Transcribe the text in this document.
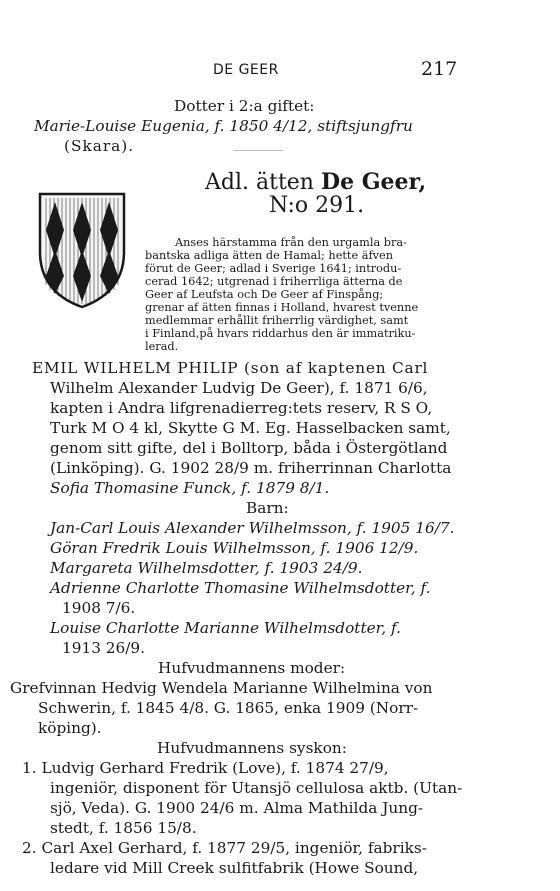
DE GEER	217
Dotter i 2:a giftet:
Marie-Louise Eugenia, f. 1850 4/12, stiftsjungfru
(Skara).
Adl. ätten De Geer,
N:o 291.
Anses härstamma från den urgamla bra-
bantska adliga ätten de Hamal; hette äfven
förut de Geer; adlad i Sverige 1641; introdu-
cerad 1642; utgrenad i friherrliga ätterna de
Geer af Leufsta och De Geer af Finspång;
grenar af ätten finnas i Holland, hvarest tvenne
medlemmar erhållit friherrlig värdighet, samt
i Finland,på hvars riddarhus den är immatriku-
lerad.
EMIL WILHELM PHILIP (son af kaptenen Carl
Wilhelm Alexander Ludvig De Geer), f. 1871 6/6,
kapten i Andra lifgrenadierreg:tets reserv, R S O,
Turk M O 4 kl, Skytte G M. Eg. Hasselbacken samt,
genom sitt gifte, del i Bolltorp, båda i Östergötland
(Linköping). G. 1902 28/9 m. friherrinnan Charlotta
Sofia Thomasine Funck, f. 1879 8/1.
Barn:
Jan-Carl Louis Alexander Wilhelmsson, f. 1905 16/7.
Göran Fredrik Louis Wilhelmsson, f. 1906 12/9.
Margareta Wilhelmsdotter, f. 1903 24/9.
Adrienne Charlotte Thomasine Wilhelmsdotter, f.
1908 7/6.
Louise Charlotte Marianne Wilhelmsdotter, f.
1913 26/9.
Hufvudmannens moder:
Grefvinnan Hedvig Wendela Marianne Wilhelmina von
Schwerin, f. 1845 4/8. G. 1865, enka 1909 (Norr-
köping).
Hufvudmannens syskon:
1. Ludvig Gerhard Fredrik (Love), f. 1874 27/9,
ingeniör, disponent för Utansjö cellulosa aktb. (Utan-
sjö, Veda). G. 1900 24/6 m. Alma Mathilda Jung-
stedt, f. 1856 15/8.
2. Carl Axel Gerhard, f. 1877 29/5, ingeniör, fabriks-
ledare vid Mill Creek sulfitfabrik (Howe Sound,
